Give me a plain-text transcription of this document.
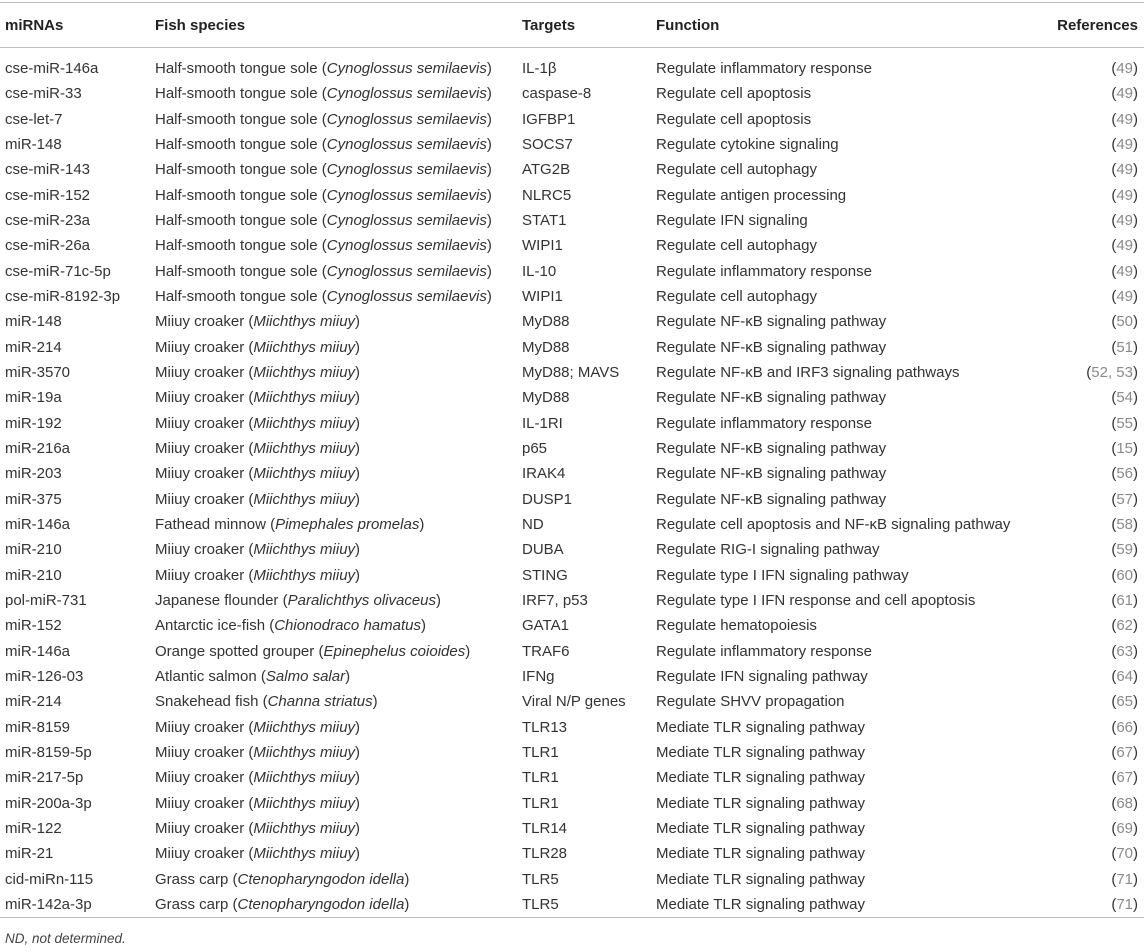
miRNAs	Fish species	Targets	Function	References

cse-miR-146a	Half-smooth tongue sole ( Cynoglossus semilaevis )	IL-1β	Regulate inflammatory response	( 49 )
cse-miR-33	Half-smooth tongue sole ( Cynoglossus semilaevis )	caspase-8	Regulate cell apoptosis	( 49 )
cse-let-7	Half-smooth tongue sole ( Cynoglossus semilaevis )	IGFBP1	Regulate cell apoptosis	( 49 )
miR-148	Half-smooth tongue sole ( Cynoglossus semilaevis )	SOCS7	Regulate cytokine signaling	( 49 )
cse-miR-143	Half-smooth tongue sole ( Cynoglossus semilaevis )	ATG2B	Regulate cell autophagy	( 49 )
cse-miR-152	Half-smooth tongue sole ( Cynoglossus semilaevis )	NLRC5	Regulate antigen processing	( 49 )
cse-miR-23a	Half-smooth tongue sole ( Cynoglossus semilaevis )	STAT1	Regulate IFN signaling	( 49 )
cse-miR-26a	Half-smooth tongue sole ( Cynoglossus semilaevis )	WIPI1	Regulate cell autophagy	( 49 )
cse-miR-71c-5p	Half-smooth tongue sole ( Cynoglossus semilaevis )	IL-10	Regulate inflammatory response	( 49 )
cse-miR-8192-3p	Half-smooth tongue sole ( Cynoglossus semilaevis )	WIPI1	Regulate cell autophagy	( 49 )
miR-148	Miiuy croaker ( Miichthys miiuy )	MyD88	Regulate NF-κB signaling pathway	( 50 )
miR-214	Miiuy croaker ( Miichthys miiuy )	MyD88	Regulate NF-κB signaling pathway	( 51 )
miR-3570	Miiuy croaker ( Miichthys miiuy )	MyD88; MAVS	Regulate NF-κB and IRF3 signaling pathways	( 52, 53 )
miR-19a	Miiuy croaker ( Miichthys miiuy )	MyD88	Regulate NF-κB signaling pathway	( 54 )
miR-192	Miiuy croaker ( Miichthys miiuy )	IL-1RI	Regulate inflammatory response	( 55 )
miR-216a	Miiuy croaker ( Miichthys miiuy )	p65	Regulate NF-κB signaling pathway	( 15 )
miR-203	Miiuy croaker ( Miichthys miiuy )	IRAK4	Regulate NF-κB signaling pathway	( 56 )
miR-375	Miiuy croaker ( Miichthys miiuy )	DUSP1	Regulate NF-κB signaling pathway	( 57 )
miR-146a	Fathead minnow ( Pimephales promelas )	ND	Regulate cell apoptosis and NF-κB signaling pathway	( 58 )
miR-210	Miiuy croaker ( Miichthys miiuy )	DUBA	Regulate RIG-I signaling pathway	( 59 )
miR-210	Miiuy croaker ( Miichthys miiuy )	STING	Regulate type I IFN signaling pathway	( 60 )
pol-miR-731	Japanese flounder ( Paralichthys olivaceus )	IRF7, p53	Regulate type I IFN response and cell apoptosis	( 61 )
miR-152	Antarctic ice-fish ( Chionodraco hamatus )	GATA1	Regulate hematopoiesis	( 62 )
miR-146a	Orange spotted grouper ( Epinephelus coioides )	TRAF6	Regulate inflammatory response	( 63 )
miR-126-03	Atlantic salmon ( Salmo salar )	IFNg	Regulate IFN signaling pathway	( 64 )
miR-214	Snakehead fish ( Channa striatus )	Viral N/P genes	Regulate SHVV propagation	( 65 )
miR-8159	Miiuy croaker ( Miichthys miiuy )	TLR13	Mediate TLR signaling pathway	( 66 )
miR-8159-5p	Miiuy croaker ( Miichthys miiuy )	TLR1	Mediate TLR signaling pathway	( 67 )
miR-217-5p	Miiuy croaker ( Miichthys miiuy )	TLR1	Mediate TLR signaling pathway	( 67 )
miR-200a-3p	Miiuy croaker ( Miichthys miiuy )	TLR1	Mediate TLR signaling pathway	( 68 )
miR-122	Miiuy croaker ( Miichthys miiuy )	TLR14	Mediate TLR signaling pathway	( 69 )
miR-21	Miiuy croaker ( Miichthys miiuy )	TLR28	Mediate TLR signaling pathway	( 70 )
cid-miRn-115	Grass carp ( Ctenopharyngodon idella )	TLR5	Mediate TLR signaling pathway	( 71 )
miR-142a-3p	Grass carp ( Ctenopharyngodon idella )	TLR5	Mediate TLR signaling pathway	( 71 )
ND, not determined.
